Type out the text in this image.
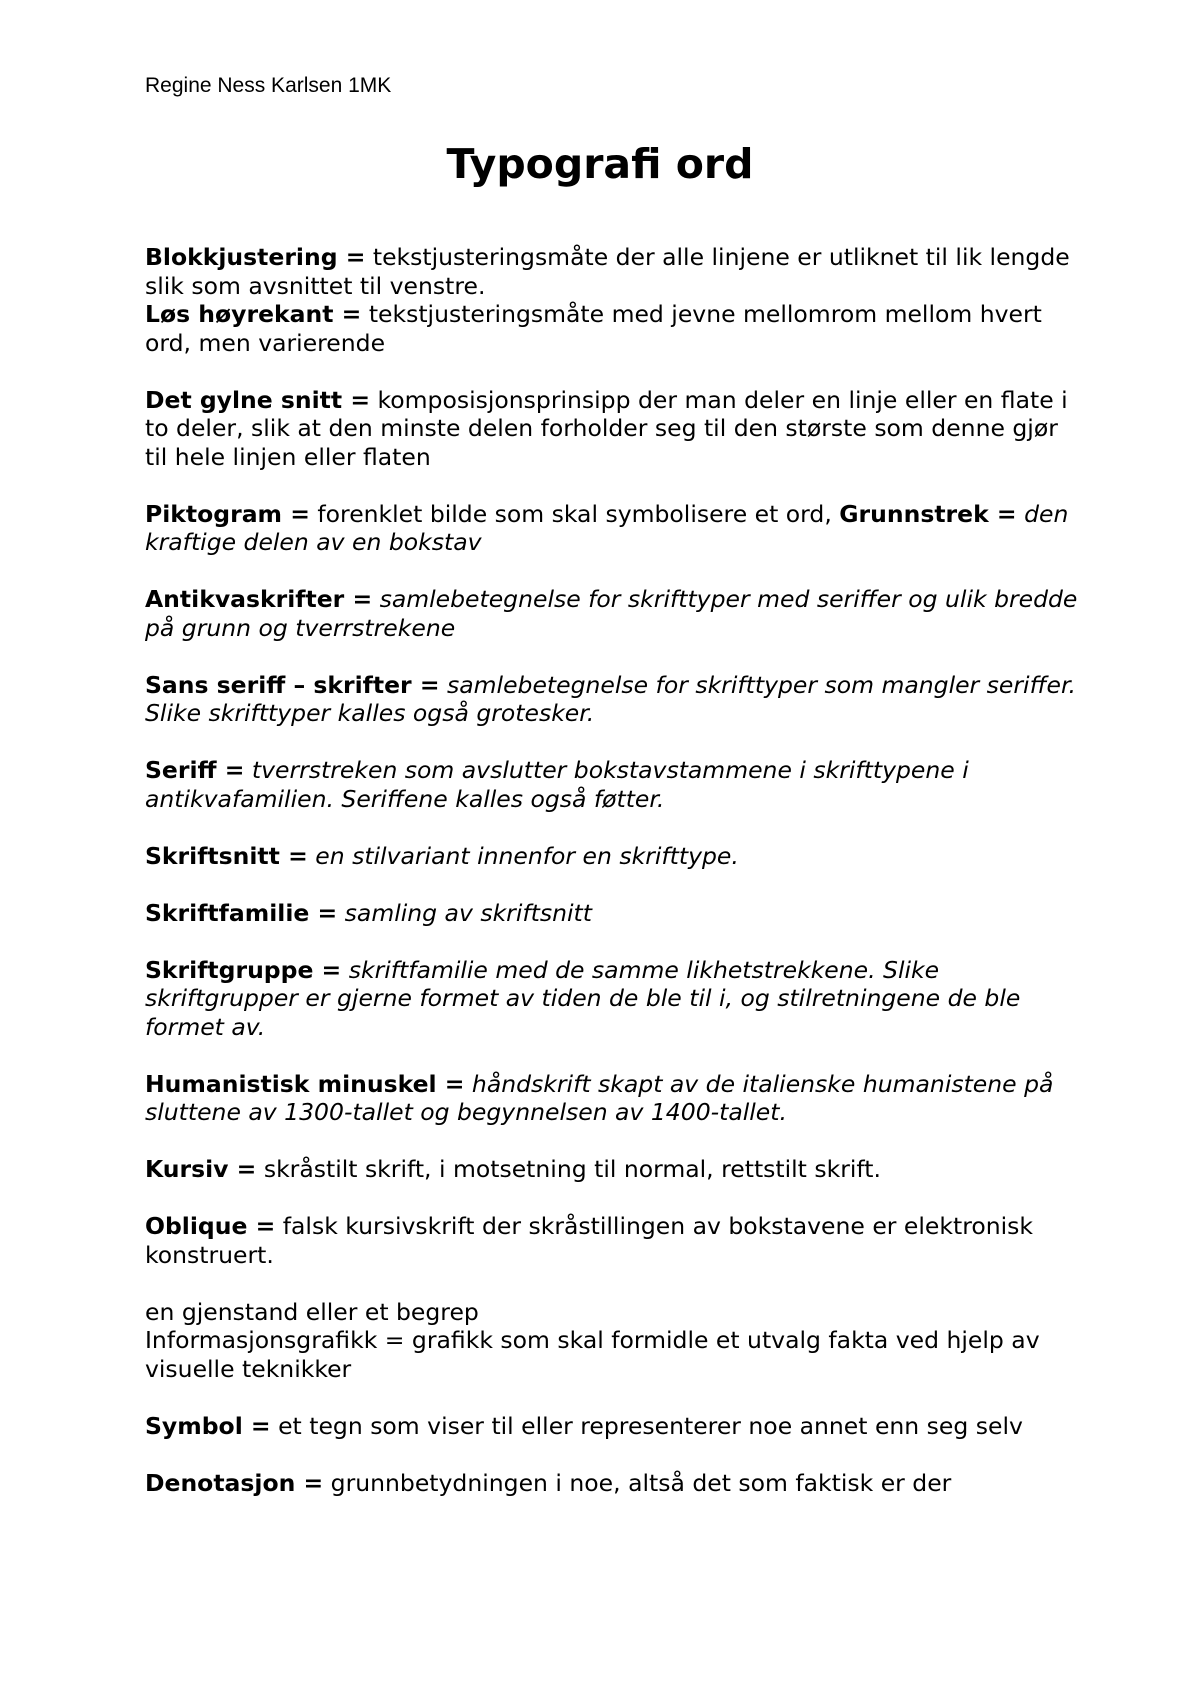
Regine Ness Karlsen 1MK
Typografi ord

Blokkjustering = tekstjusteringsmåte der alle linjene er utliknet til lik lengde slik som avsnittet til venstre.

Løs høyrekant = tekstjusteringsmåte med jevne mellomrom mellom hvert ord, men varierende

Det gylne snitt = komposisjonsprinsipp der man deler en linje eller en flate i to deler, slik at den minste delen forholder seg til den største som denne gjør til hele linjen eller flaten

Piktogram = forenklet bilde som skal symbolisere et ord, Grunnstrek = den kraftige delen av en bokstav

Antikvaskrifter = samlebetegnelse for skrifttyper med seriffer og ulik bredde på grunn og tverrstrekene

Sans seriff – skrifter = samlebetegnelse for skrifttyper som mangler seriffer. Slike skrifttyper kalles også grotesker.

Seriff = tverrstreken som avslutter bokstavstammene i skrifttypene i antikvafamilien. Seriffene kalles også føtter.

Skriftsnitt = en stilvariant innenfor en skrifttype.

Skriftfamilie = samling av skriftsnitt

Skriftgruppe = skriftfamilie med de samme likhetstrekkene. Slike skriftgrupper er gjerne formet av tiden de ble til i, og stilretningene de ble formet av.

Humanistisk minuskel = håndskrift skapt av de italienske humanistene på sluttene av 1300-tallet og begynnelsen av 1400-tallet.

Kursiv = skråstilt skrift, i motsetning til normal, rettstilt skrift.

Oblique = falsk kursivskrift der skråstillingen av bokstavene er elektronisk konstruert.

en gjenstand eller et begrep

Informasjonsgrafikk = grafikk som skal formidle et utvalg fakta ved hjelp av visuelle teknikker

Symbol = et tegn som viser til eller representerer noe annet enn seg selv

Denotasjon = grunnbetydningen i noe, altså det som faktisk er der
